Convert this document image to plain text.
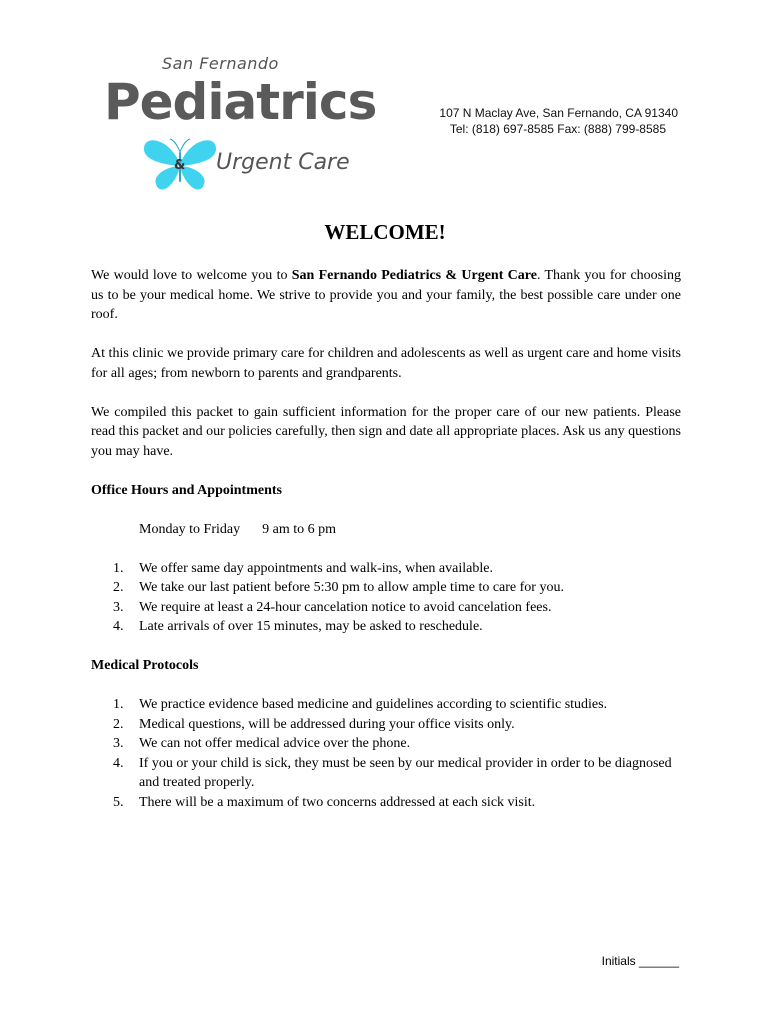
San Fernando
Pediatrics
& Urgent Care
107 N Maclay Ave, San Fernando, CA 91340
Tel: (818) 697-8585 Fax: (888) 799-8585
WELCOME!

We would love to welcome you to San Fernando Pediatrics & Urgent Care. Thank you for choosing us to be your medical home. We strive to provide you and your family, the best possible care under one roof.

At this clinic we provide primary care for children and adolescents as well as urgent care and home visits for all ages; from newborn to parents and grandparents.

We compiled this packet to gain sufficient information for the proper care of our new patients. Please read this packet and our policies carefully, then sign and date all appropriate places. Ask us any questions you may have.

Office Hours and Appointments
Monday to Friday 9 am to 6 pm
1. We offer same day appointments and walk-ins, when available.
2. We take our last patient before 5:30 pm to allow ample time to care for you.
3. We require at least a 24-hour cancelation notice to avoid cancelation fees.
4. Late arrivals of over 15 minutes, may be asked to reschedule.
Medical Protocols
1. We practice evidence based medicine and guidelines according to scientific studies.
2. Medical questions, will be addressed during your office visits only.
3. We can not offer medical advice over the phone.
4. If you or your child is sick, they must be seen by our medical provider in order to be diagnosed and treated properly.
5. There will be a maximum of two concerns addressed at each sick visit.
Initials ______
